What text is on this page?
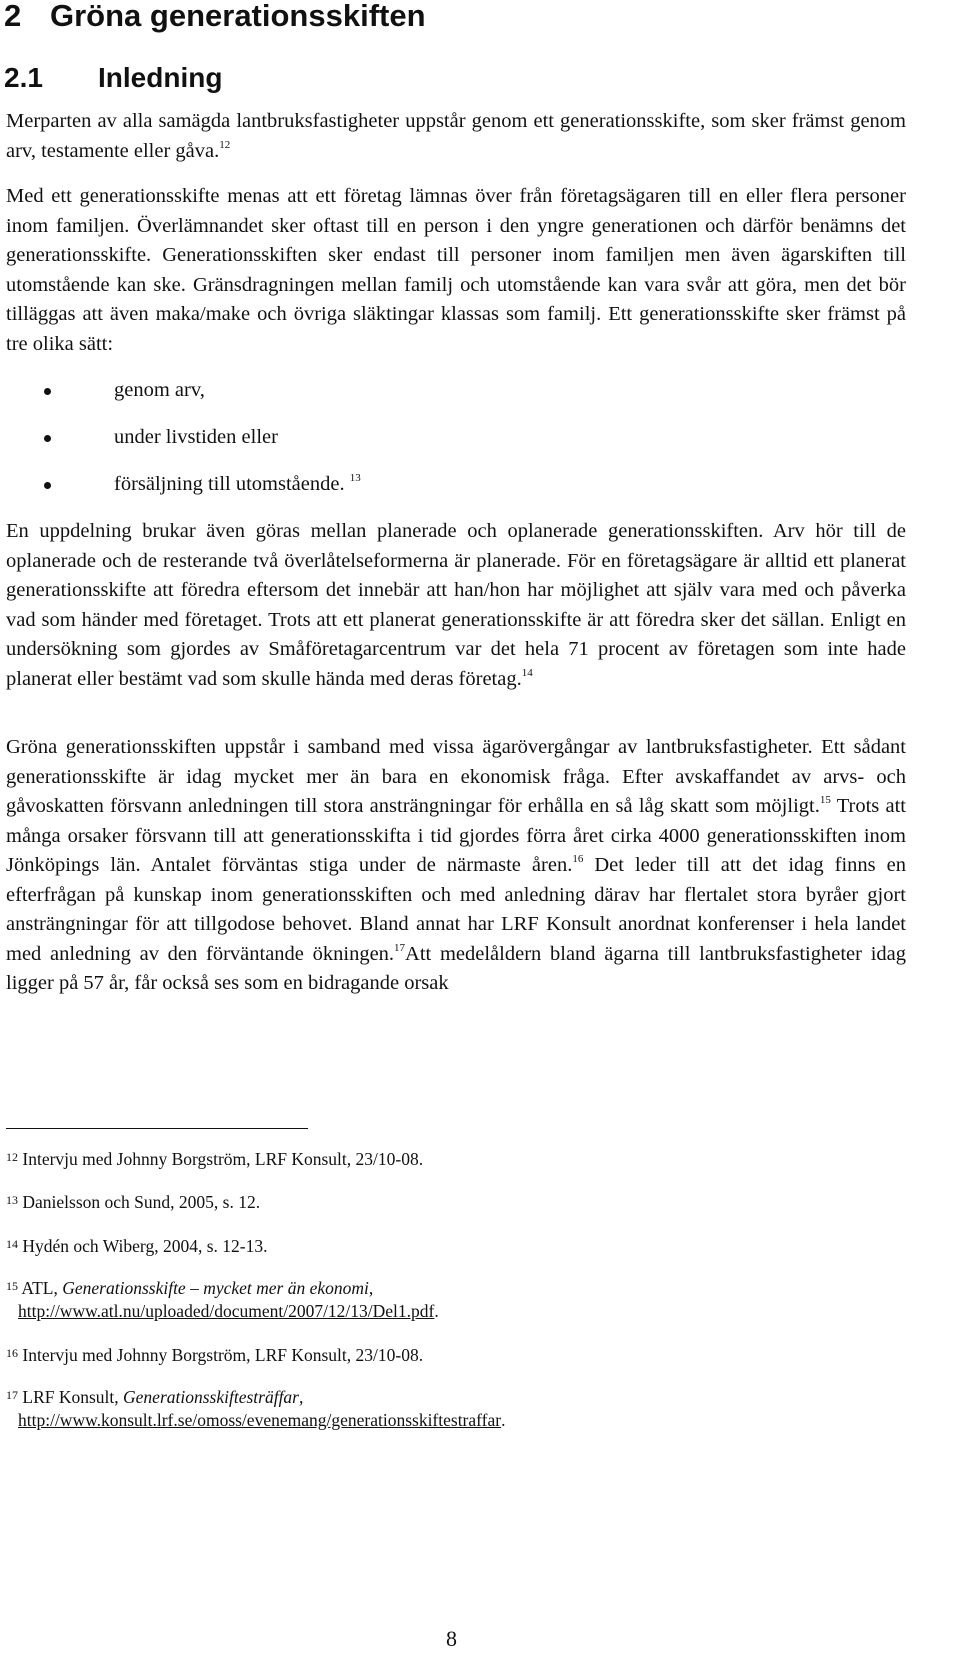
2 Gröna generationsskiften
2.1 Inledning

Merparten av alla samägda lantbruksfastigheter uppstår genom ett generationsskifte, som sker främst genom arv, testamente eller gåva.$^{12}$

Med ett generationsskifte menas att ett företag lämnas över från företagsägaren till en eller flera personer inom familjen. Överlämnandet sker oftast till en person i den yngre generationen och därför benämns det generationsskifte. Generationsskiften sker endast till personer inom familjen men även ägarskiften till utomstående kan ske. Gränsdragningen mellan familj och utomstående kan vara svår att göra, men det bör tilläggas att även maka/make och övriga släktingar klassas som familj. Ett generationsskifte sker främst på tre olika sätt:

genom arv,
under livstiden eller
försäljning till utomstående. $^{13}$

En uppdelning brukar även göras mellan planerade och oplanerade generationsskiften. Arv hör till de oplanerade och de resterande två överlåtelseformerna är planerade. För en företagsägare är alltid ett planerat generationsskifte att föredra eftersom det innebär att han/hon har möjlighet att själv vara med och påverka vad som händer med företaget. Trots att ett planerat generationsskifte är att föredra sker det sällan. Enligt en undersökning som gjordes av Småföretagarcentrum var det hela 71 procent av företagen som inte hade planerat eller bestämt vad som skulle hända med deras företag.$^{14}$

Gröna generationsskiften uppstår i samband med vissa ägarövergångar av lantbruksfastigheter. Ett sådant generationsskifte är idag mycket mer än bara en ekonomisk fråga. Efter avskaffandet av arvs- och gåvoskatten försvann anledningen till stora ansträngningar för erhålla en så låg skatt som möjligt.$^{15}$ Trots att många orsaker försvann till att generationsskifta i tid gjordes förra året cirka 4000 generationsskiften inom Jönköpings län. Antalet förväntas stiga under de närmaste åren.$^{16}$ Det leder till att det idag finns en efterfrågan på kunskap inom generationsskiften och med anledning därav har flertalet stora byråer gjort ansträngningar för att tillgodose behovet. Bland annat har LRF Konsult anordnat konferenser i hela landet med anledning av den förväntande ökningen.$^{17}$Att medelåldern bland ägarna till lantbruksfastigheter idag ligger på 57 år, får också ses som en bidragande orsak

12 Intervju med Johnny Borgström, LRF Konsult, 23/10-08.
13 Danielsson och Sund, 2005, s. 12.
14 Hydén och Wiberg, 2004, s. 12-13.
15 ATL, Generationsskifte – mycket mer än ekonomi,
http://www.atl.nu/uploaded/document/2007/12/13/Del1.pdf.
16 Intervju med Johnny Borgström, LRF Konsult, 23/10-08.
17 LRF Konsult, Generationsskiftesträffar,
http://www.konsult.lrf.se/omoss/evenemang/generationsskiftestraffar.
8
